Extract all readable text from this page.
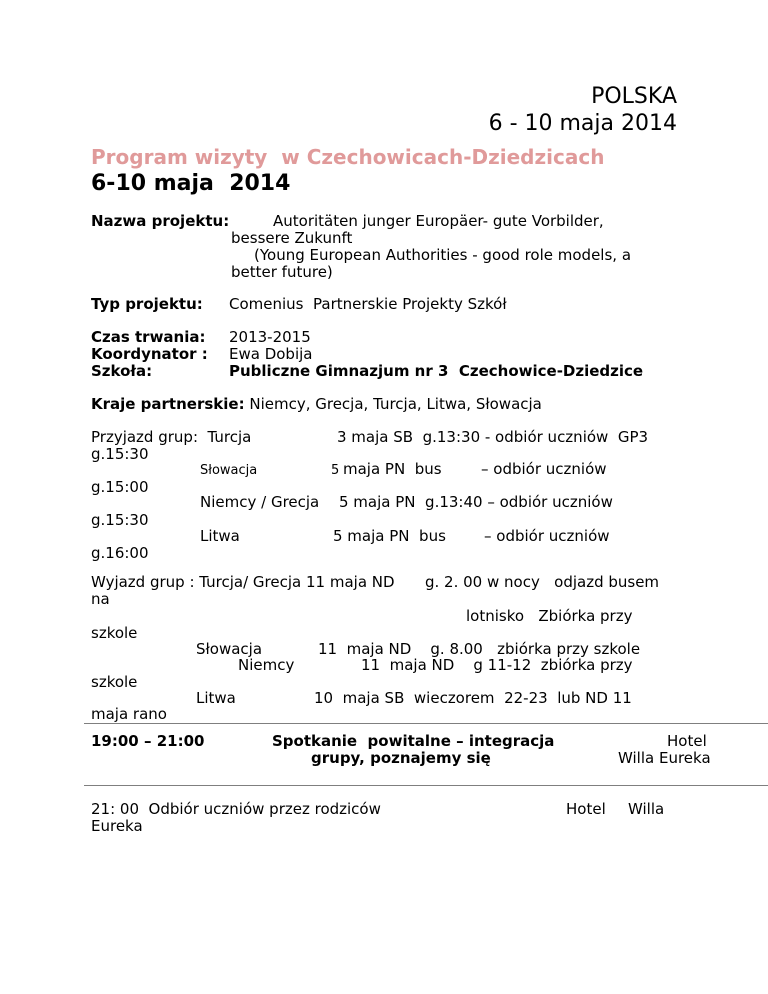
POLSKA
6 - 10 maja 2014
Program wizyty  w Czechowicach-Dziedzicach
6-10 maja  2014
Nazwa projektu:	Autoritäten junger Europäer- gute Vorbilder,
bessere Zukunft
(Young European Authorities - good role models, a
better future)
Typ projektu: Comenius  Partnerskie Projekty Szkół
Czas trwania: 2013-2015
Koordynator : Ewa Dobija
Szkoła:	Publiczne Gimnazjum nr 3  Czechowice-Dziedzice
Kraje partnerskie: Niemcy, Grecja, Turcja, Litwa, Słowacja
Przyjazd grup:  Turcja	3 maja SB  g.13:30 - odbiór uczniów  GP3
g.15:30
Słowacja	5 maja PN  bus	– odbiór uczniów
g.15:00
Niemcy / Grecja 5 maja PN  g.13:40 – odbiór uczniów
g.15:30
Litwa	5 maja PN  bus	– odbiór uczniów
g.16:00
Wyjazd grup : Turcja/ Grecja 11 maja ND g. 2. 00 w nocy   odjazd busem
na
lotnisko   Zbiórka przy
szkole
Słowacja	11  maja ND    g. 8.00   zbiórka przy szkole
Niemcy	11  maja ND    g 11-12  zbiórka przy
szkole
Litwa	10  maja SB  wieczorem  22-23  lub ND 11
maja rano
19:00 – 21:00	Spotkanie  powitalne – integracja
grupy, poznajemy się
Hotel
Willa Eureka
21: 00  Odbiór uczniów przez rodziców	Hotel Willa
Eureka
